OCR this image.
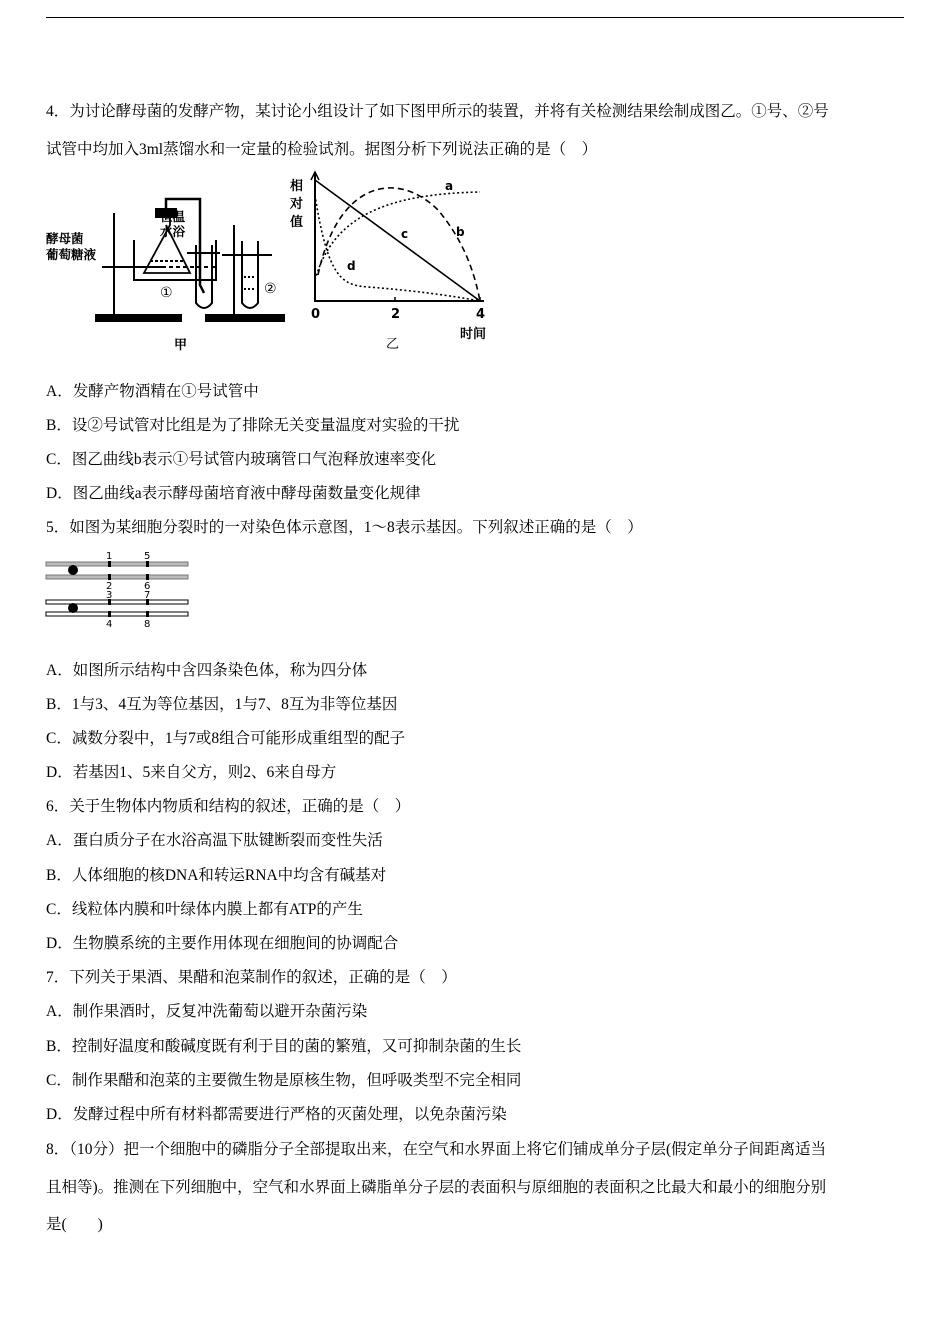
4．为讨论酵母菌的发酵产物，某讨论小组设计了如下图甲所示的装置，并将有关检测结果绘制成图乙。①号、②号
试管中均加入3ml蒸馏水和一定量的检验试剂。据图分析下列说法正确的是（　）
酵母菌
葡萄糖液
恒温
水浴
①	②
甲
相
对
值
a
b
c
d
0	2	4
时间
乙
A．发酵产物酒精在①号试管中
B．设②号试管对比组是为了排除无关变量温度对实验的干扰
C．图乙曲线b表示①号试管内玻璃管口气泡释放速率变化
D．图乙曲线a表示酵母菌培育液中酵母菌数量变化规律
5．如图为某细胞分裂时的一对染色体示意图，1～8表示基因。下列叙述正确的是（　）
1	5
2	6
3	7
4	8
A．如图所示结构中含四条染色体，称为四分体
B．1与3、4互为等位基因，1与7、8互为非等位基因
C．减数分裂中，1与7或8组合可能形成重组型的配子
D．若基因1、5来自父方，则2、6来自母方
6．关于生物体内物质和结构的叙述，正确的是（　）
A．蛋白质分子在水浴高温下肽键断裂而变性失活
B．人体细胞的核DNA和转运RNA中均含有碱基对
C．线粒体内膜和叶绿体内膜上都有ATP的产生
D．生物膜系统的主要作用体现在细胞间的协调配合
7．下列关于果酒、果醋和泡菜制作的叙述，正确的是（　）
A．制作果酒时，反复冲洗葡萄以避开杂菌污染
B．控制好温度和酸碱度既有利于目的菌的繁殖，又可抑制杂菌的生长
C．制作果醋和泡菜的主要微生物是原核生物，但呼吸类型不完全相同
D．发酵过程中所有材料都需要进行严格的灭菌处理，以免杂菌污染
8．（10分）把一个细胞中的磷脂分子全部提取出来，在空气和水界面上将它们铺成单分子层(假定单分子间距离适当
且相等)。推测在下列细胞中，空气和水界面上磷脂单分子层的表面积与原细胞的表面积之比最大和最小的细胞分别
是(　　)
